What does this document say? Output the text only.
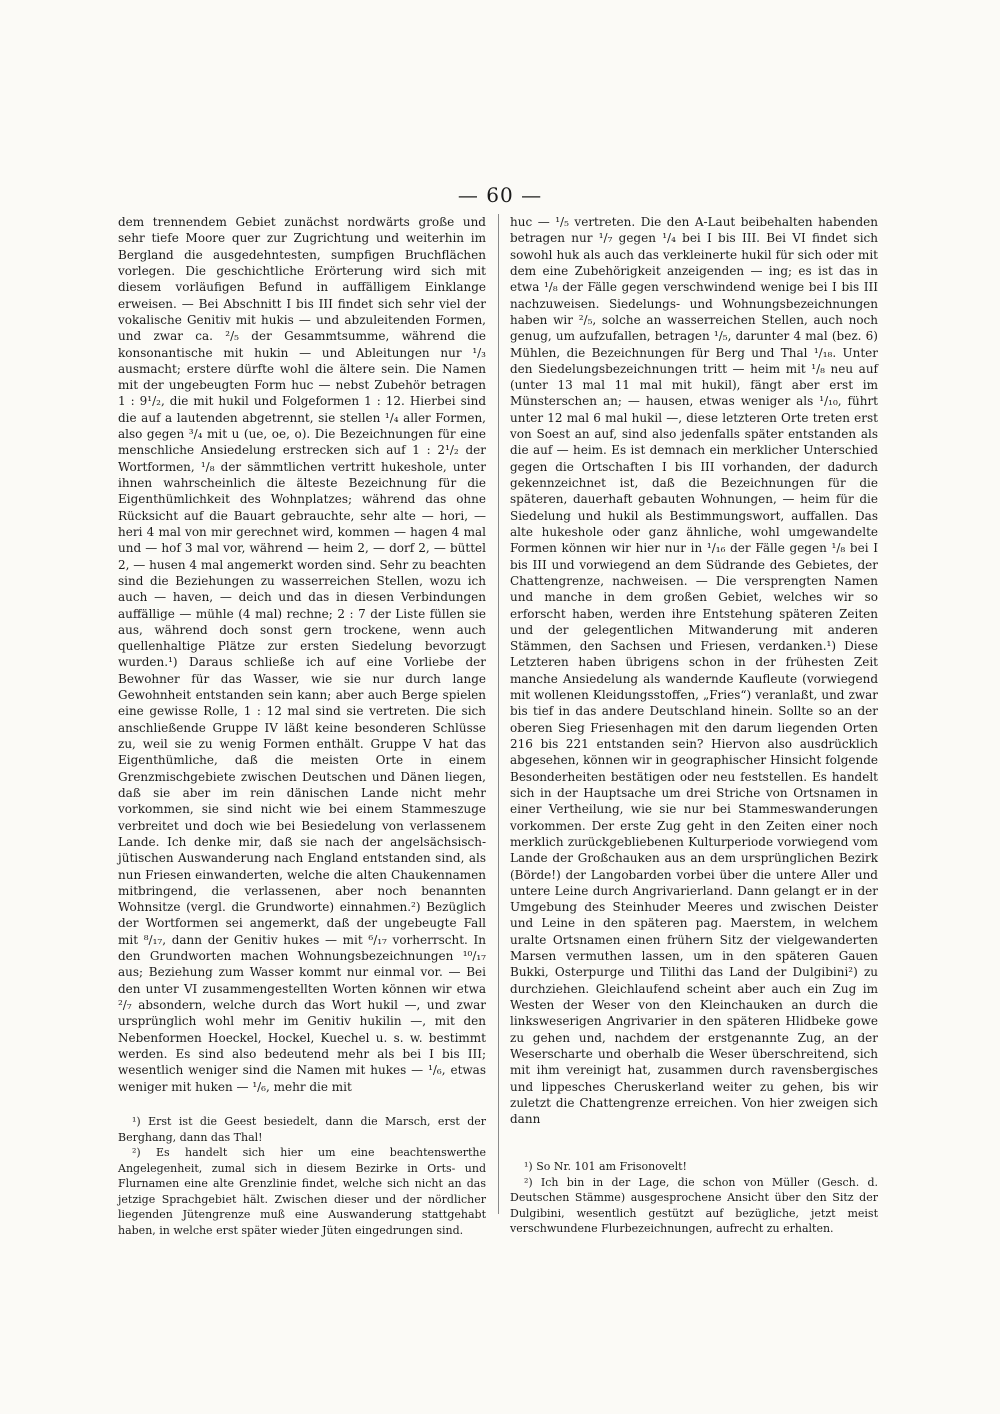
— 60 —

dem trennendem Gebiet zunächst nordwärts große und sehr tiefe Moore quer zur Zugrichtung und weiterhin im Bergland die ausgedehntesten, sumpfigen Bruchflächen vorlegen. Die geschichtliche Erörterung wird sich mit diesem vorläufigen Befund in auffälligem Einklange erweisen. — Bei Abschnitt I bis III findet sich sehr viel der vokalische Genitiv mit hukis — und abzuleitenden Formen, und zwar ca. ²/₅ der Gesammtsumme, während die konsonantische mit hukin — und Ableitungen nur ¹/₃ ausmacht; erstere dürfte wohl die ältere sein. Die Namen mit der ungebeugten Form huc — nebst Zubehör betragen 1 : 9¹/₂, die mit hukil und Folgeformen 1 : 12. Hierbei sind die auf a lautenden abgetrennt, sie stellen ¹/₄ aller Formen, also gegen ³/₄ mit u (ue, oe, o). Die Bezeichnungen für eine menschliche Ansiedelung erstrecken sich auf 1 : 2¹/₂ der Wortformen, ¹/₈ der sämmtlichen vertritt hukeshole, unter ihnen wahrscheinlich die älteste Bezeichnung für die Eigenthümlichkeit des Wohnplatzes; während das ohne Rücksicht auf die Bauart gebrauchte, sehr alte — hori, — heri 4 mal von mir gerechnet wird, kommen — hagen 4 mal und — hof 3 mal vor, während — heim 2, — dorf 2, — büttel 2, — husen 4 mal angemerkt worden sind. Sehr zu beachten sind die Beziehungen zu wasserreichen Stellen, wozu ich auch — haven, — deich und das in diesen Verbindungen auffällige — mühle (4 mal) rechne; 2 : 7 der Liste füllen sie aus, während doch sonst gern trockene, wenn auch quellenhaltige Plätze zur ersten Siedelung bevorzugt wurden.¹) Daraus schließe ich auf eine Vorliebe der Bewohner für das Wasser, wie sie nur durch lange Gewohnheit entstanden sein kann; aber auch Berge spielen eine gewisse Rolle, 1 : 12 mal sind sie vertreten. Die sich anschließende Gruppe IV läßt keine besonderen Schlüsse zu, weil sie zu wenig Formen enthält. Gruppe V hat das Eigenthümliche, daß die meisten Orte in einem Grenzmischgebiete zwischen Deutschen und Dänen liegen, daß sie aber im rein dänischen Lande nicht mehr vorkommen, sie sind nicht wie bei einem Stammeszuge verbreitet und doch wie bei Besiedelung von verlassenem Lande. Ich denke mir, daß sie nach der angelsächsisch-jütischen Auswanderung nach England entstanden sind, als nun Friesen einwanderten, welche die alten Chaukennamen mitbringend, die verlassenen, aber noch benannten Wohnsitze (vergl. die Grundworte) einnahmen.²) Bezüglich der Wortformen sei angemerkt, daß der ungebeugte Fall mit ⁸/₁₇, dann der Genitiv hukes — mit ⁶/₁₇ vorherrscht. In den Grundworten machen Wohnungsbezeichnungen ¹⁰/₁₇ aus; Beziehung zum Wasser kommt nur einmal vor. — Bei den unter VI zusammengestellten Worten können wir etwa ²/₇ absondern, welche durch das Wort hukil —, und zwar ursprünglich wohl mehr im Genitiv hukilin —, mit den Nebenformen Hoeckel, Hockel, Kuechel u. s. w. bestimmt werden. Es sind also bedeutend mehr als bei I bis III; wesentlich weniger sind die Namen mit hukes — ¹/₆, etwas weniger mit huken — ¹/₆, mehr die mit

¹) Erst ist die Geest besiedelt, dann die Marsch, erst der Berghang, dann das Thal!

²) Es handelt sich hier um eine beachtenswerthe Angelegenheit, zumal sich in diesem Bezirke in Orts- und Flurnamen eine alte Grenzlinie findet, welche sich nicht an das jetzige Sprachgebiet hält. Zwischen dieser und der nördlicher liegenden Jütengrenze muß eine Auswanderung stattgehabt haben, in welche erst später wieder Jüten eingedrungen sind.

huc — ¹/₅ vertreten. Die den A-Laut beibehalten habenden betragen nur ¹/₇ gegen ¹/₄ bei I bis III. Bei VI findet sich sowohl huk als auch das verkleinerte hukil für sich oder mit dem eine Zubehörigkeit anzeigenden — ing; es ist das in etwa ¹/₈ der Fälle gegen verschwindend wenige bei I bis III nachzuweisen. Siedelungs- und Wohnungsbezeichnungen haben wir ²/₅, solche an wasserreichen Stellen, auch noch genug, um aufzufallen, betragen ¹/₅, darunter 4 mal (bez. 6) Mühlen, die Bezeichnungen für Berg und Thal ¹/₁₈. Unter den Siedelungsbezeichnungen tritt — heim mit ¹/₈ neu auf (unter 13 mal 11 mal mit hukil), fängt aber erst im Münsterschen an; — hausen, etwas weniger als ¹/₁₀, führt unter 12 mal 6 mal hukil —, diese letzteren Orte treten erst von Soest an auf, sind also jedenfalls später entstanden als die auf — heim. Es ist demnach ein merklicher Unterschied gegen die Ortschaften I bis III vorhanden, der dadurch gekennzeichnet ist, daß die Bezeichnungen für die späteren, dauerhaft gebauten Wohnungen, — heim für die Siedelung und hukil als Bestimmungswort, auffallen. Das alte hukeshole oder ganz ähnliche, wohl umgewandelte Formen können wir hier nur in ¹/₁₆ der Fälle gegen ¹/₈ bei I bis III und vorwiegend an dem Südrande des Gebietes, der Chattengrenze, nachweisen. — Die versprengten Namen und manche in dem großen Gebiet, welches wir so erforscht haben, werden ihre Entstehung späteren Zeiten und der gelegentlichen Mitwanderung mit anderen Stämmen, den Sachsen und Friesen, verdanken.¹) Diese Letzteren haben übrigens schon in der frühesten Zeit manche Ansiedelung als wandernde Kaufleute (vorwiegend mit wollenen Kleidungsstoffen, „Fries“) veranlaßt, und zwar bis tief in das andere Deutschland hinein. Sollte so an der oberen Sieg Friesenhagen mit den darum liegenden Orten 216 bis 221 entstanden sein? Hiervon also ausdrücklich abgesehen, können wir in geographischer Hinsicht folgende Besonderheiten bestätigen oder neu feststellen. Es handelt sich in der Hauptsache um drei Striche von Ortsnamen in einer Vertheilung, wie sie nur bei Stammeswanderungen vorkommen. Der erste Zug geht in den Zeiten einer noch merklich zurückgebliebenen Kulturperiode vorwiegend vom Lande der Großchauken aus an dem ursprünglichen Bezirk (Börde!) der Langobarden vorbei über die untere Aller und untere Leine durch Angrivarierland. Dann gelangt er in der Umgebung des Steinhuder Meeres und zwischen Deister und Leine in den späteren pag. Maerstem, in welchem uralte Ortsnamen einen frühern Sitz der vielgewanderten Marsen vermuthen lassen, um in den späteren Gauen Bukki, Osterpurge und Tilithi das Land der Dulgibini²) zu durchziehen. Gleichlaufend scheint aber auch ein Zug im Westen der Weser von den Kleinchauken an durch die linksweserigen Angrivarier in den späteren Hlidbeke gowe zu gehen und, nachdem der erstgenannte Zug, an der Weserscharte und oberhalb die Weser überschreitend, sich mit ihm vereinigt hat, zusammen durch ravensbergisches und lippesches Cheruskerland weiter zu gehen, bis wir zuletzt die Chattengrenze erreichen. Von hier zweigen sich dann

¹) So Nr. 101 am Frisonovelt!

²) Ich bin in der Lage, die schon von Müller (Gesch. d. Deutschen Stämme) ausgesprochene Ansicht über den Sitz der Dulgibini, wesentlich gestützt auf bezügliche, jetzt meist verschwundene Flurbezeichnungen, aufrecht zu erhalten.
